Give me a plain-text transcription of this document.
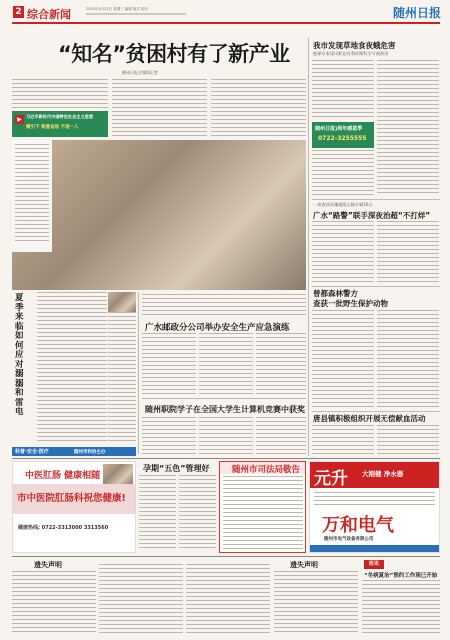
2 综合新闻	2015年4月22日 星期三 编辑 版式 校对	随州日报
“知名”贫困村有了新产业
随州日报全媒体记者
习近平新时代中国特色社会主义思想
微引下 锐意奋进 不进一入
▶
夏季来临 如何应对溺溺和雷电
科普·安全·医疗	随州市科协主办
广水邮政分公司举办安全生产应急演练
随州职院学子在全国大学生计算机竞赛中获奖
我市发现草地食夜蛾危害
植保专家建议抓住有利时期科学开展防治
随州日报)周年感恩季
0722-3255555
一夜查获涉嫌超限运输车辆16台
广水“路警”联手深夜治超“不打烊”
曾都森林警方
查获一批野生保护动物
唐县镇积极组织开展无偿献血活动
中医肛肠 健康相随
市中医院肛肠科祝您健康!
健康热线: 0722-3313000 3313560
孕期“五色”管理好	随州市司法局敬告 元升 大刚健 净水器
万和电气
随州市电气设备有限公司
遗失声明	遗失声明	医讯
“冬病夏治”预约工作现已开始
